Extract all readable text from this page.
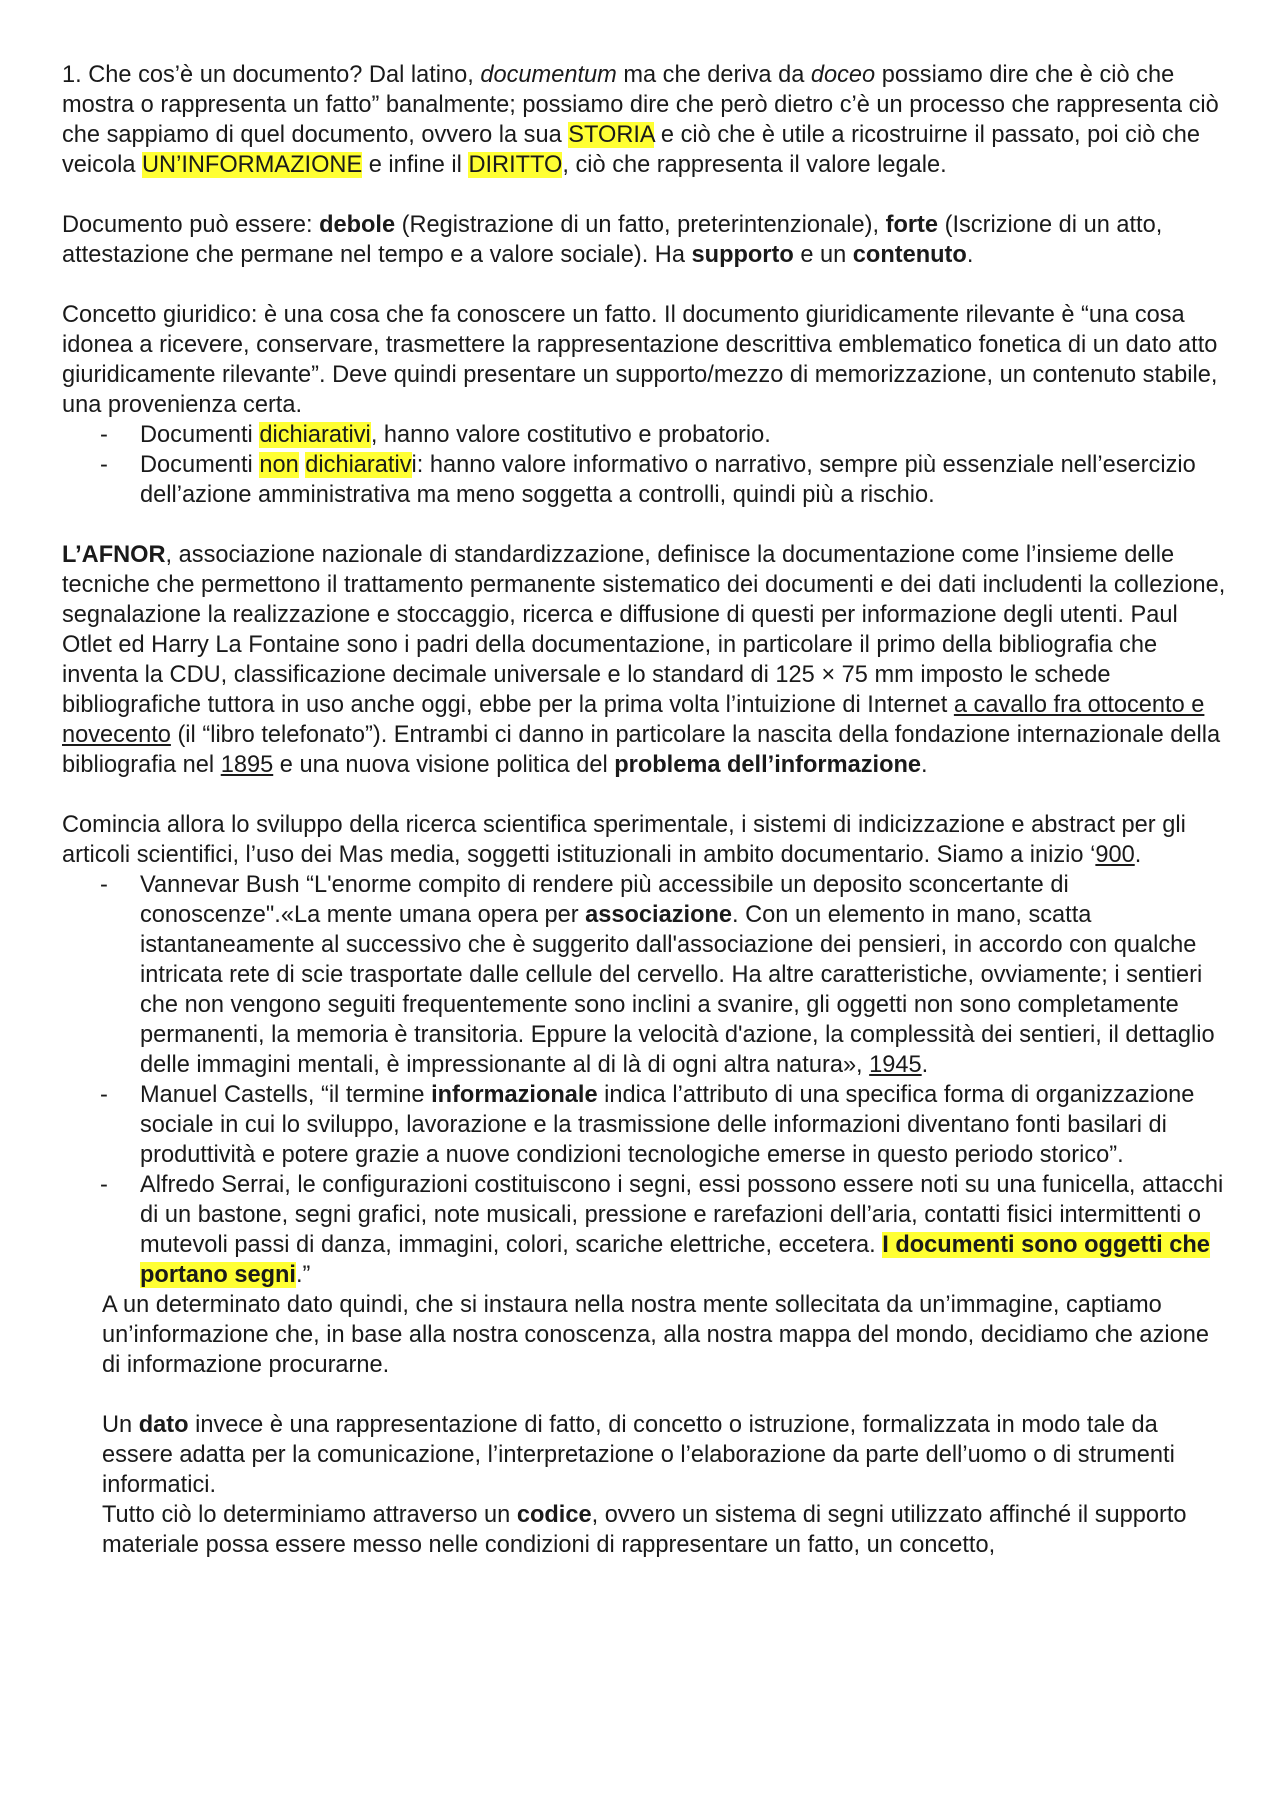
1. Che cos’è un documento? Dal latino, documentum ma che deriva da doceo possiamo dire che è ciò che mostra o rappresenta un fatto” banalmente; possiamo dire che però dietro c’è un processo che rappresenta ciò che sappiamo di quel documento, ovvero la sua STORIA e ciò che è utile a ricostruirne il passato, poi ciò che veicola UN’INFORMAZIONE e infine il DIRITTO, ciò che rappresenta il valore legale.

Documento può essere: debole (Registrazione di un fatto, preterintenzionale), forte (Iscrizione di un atto, attestazione che permane nel tempo e a valore sociale). Ha supporto e un contenuto.

Concetto giuridico: è una cosa che fa conoscere un fatto. Il documento giuridicamente rilevante è “una cosa idonea a ricevere, conservare, trasmettere la rappresentazione descrittiva emblematico fonetica di un dato atto giuridicamente rilevante”. Deve quindi presentare un supporto/mezzo di memorizzazione, un contenuto stabile, una provenienza certa.

- Documenti dichiarativi, hanno valore costitutivo e probatorio.
- Documenti non dichiarativi: hanno valore informativo o narrativo, sempre più essenziale nell’esercizio dell’azione amministrativa ma meno soggetta a controlli, quindi più a rischio.

L’AFNOR, associazione nazionale di standardizzazione, definisce la documentazione come l’insieme delle tecniche che permettono il trattamento permanente sistematico dei documenti e dei dati includenti la collezione, segnalazione la realizzazione e stoccaggio, ricerca e diffusione di questi per informazione degli utenti. Paul Otlet ed Harry La Fontaine sono i padri della documentazione, in particolare il primo della bibliografia che inventa la CDU, classificazione decimale universale e lo standard di 125 × 75 mm imposto le schede bibliografiche tuttora in uso anche oggi, ebbe per la prima volta l’intuizione di Internet a cavallo fra ottocento e novecento (il “libro telefonato”). Entrambi ci danno in particolare la nascita della fondazione internazionale della bibliografia nel 1895 e una nuova visione politica del problema dell’informazione.

Comincia allora lo sviluppo della ricerca scientifica sperimentale, i sistemi di indicizzazione e abstract per gli articoli scientifici, l’uso dei Mas media, soggetti istituzionali in ambito documentario. Siamo a inizio ‘900.

- Vannevar Bush “L'enorme compito di rendere più accessibile un deposito sconcertante di conoscenze".«La mente umana opera per associazione. Con un elemento in mano, scatta istantaneamente al successivo che è suggerito dall'associazione dei pensieri, in accordo con qualche intricata rete di scie trasportate dalle cellule del cervello. Ha altre caratteristiche, ovviamente; i sentieri che non vengono seguiti frequentemente sono inclini a svanire, gli oggetti non sono completamente permanenti, la memoria è transitoria. Eppure la velocità d'azione, la complessità dei sentieri, il dettaglio delle immagini mentali, è impressionante al di là di ogni altra natura», 1945.
- Manuel Castells, “il termine informazionale indica l’attributo di una specifica forma di organizzazione sociale in cui lo sviluppo, lavorazione e la trasmissione delle informazioni diventano fonti basilari di produttività e potere grazie a nuove condizioni tecnologiche emerse in questo periodo storico”.
- Alfredo Serrai, le configurazioni costituiscono i segni, essi possono essere noti su una funicella, attacchi di un bastone, segni grafici, note musicali, pressione e rarefazioni dell’aria, contatti fisici intermittenti o mutevoli passi di danza, immagini, colori, scariche elettriche, eccetera. I documenti sono oggetti che portano segni.”

A un determinato dato quindi, che si instaura nella nostra mente sollecitata da un’immagine, captiamo un’informazione che, in base alla nostra conoscenza, alla nostra mappa del mondo, decidiamo che azione di informazione procurarne.

Un dato invece è una rappresentazione di fatto, di concetto o istruzione, formalizzata in modo tale da essere adatta per la comunicazione, l’interpretazione o l’elaborazione da parte dell’uomo o di strumenti informatici.

Tutto ciò lo determiniamo attraverso un codice, ovvero un sistema di segni utilizzato affinché il supporto materiale possa essere messo nelle condizioni di rappresentare un fatto, un concetto,
